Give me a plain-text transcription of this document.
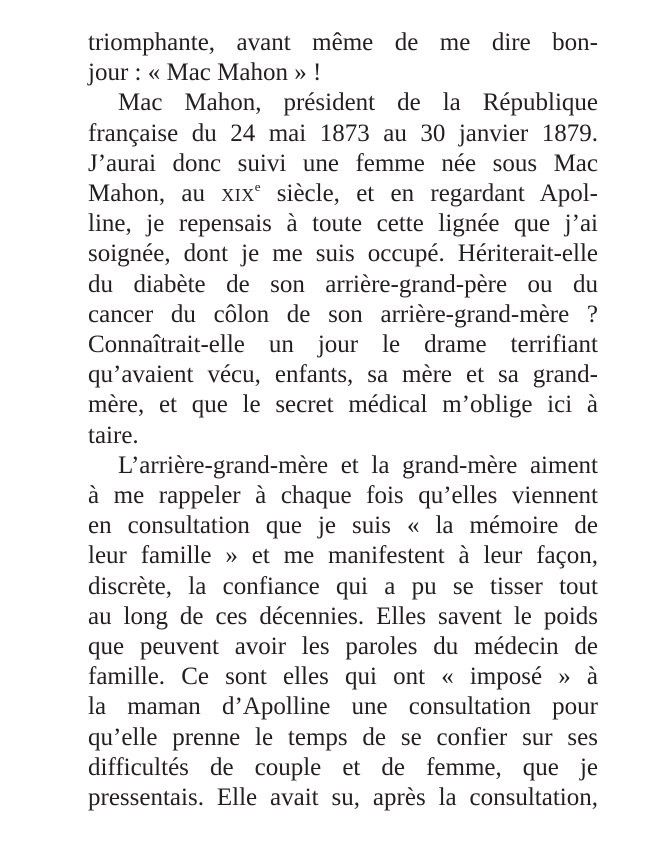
triomphante, avant même de me dire bon-
jour : « Mac Mahon » !

Mac Mahon, président de la République
française du 24 mai 1873 au 30 janvier 1879.
J’aurai donc suivi une femme née sous Mac
Mahon, au xix$^e$ siècle, et en regardant Apol-
line, je repensais à toute cette lignée que j’ai
soignée, dont je me suis occupé. Hériterait-elle
du diabète de son arrière-grand-père ou du
cancer du côlon de son arrière-grand-mère ?
Connaîtrait-elle un jour le drame terrifiant
qu’avaient vécu, enfants, sa mère et sa grand-
mère, et que le secret médical m’oblige ici à
taire.

L’arrière-grand-mère et la grand-mère aiment
à me rappeler à chaque fois qu’elles viennent
en consultation que je suis « la mémoire de
leur famille » et me manifestent à leur façon,
discrète, la confiance qui a pu se tisser tout
au long de ces décennies. Elles savent le poids
que peuvent avoir les paroles du médecin de
famille. Ce sont elles qui ont « imposé » à
la maman d’Apolline une consultation pour
qu’elle prenne le temps de se confier sur ses
difficultés de couple et de femme, que je
pressentais. Elle avait su, après la consultation,
